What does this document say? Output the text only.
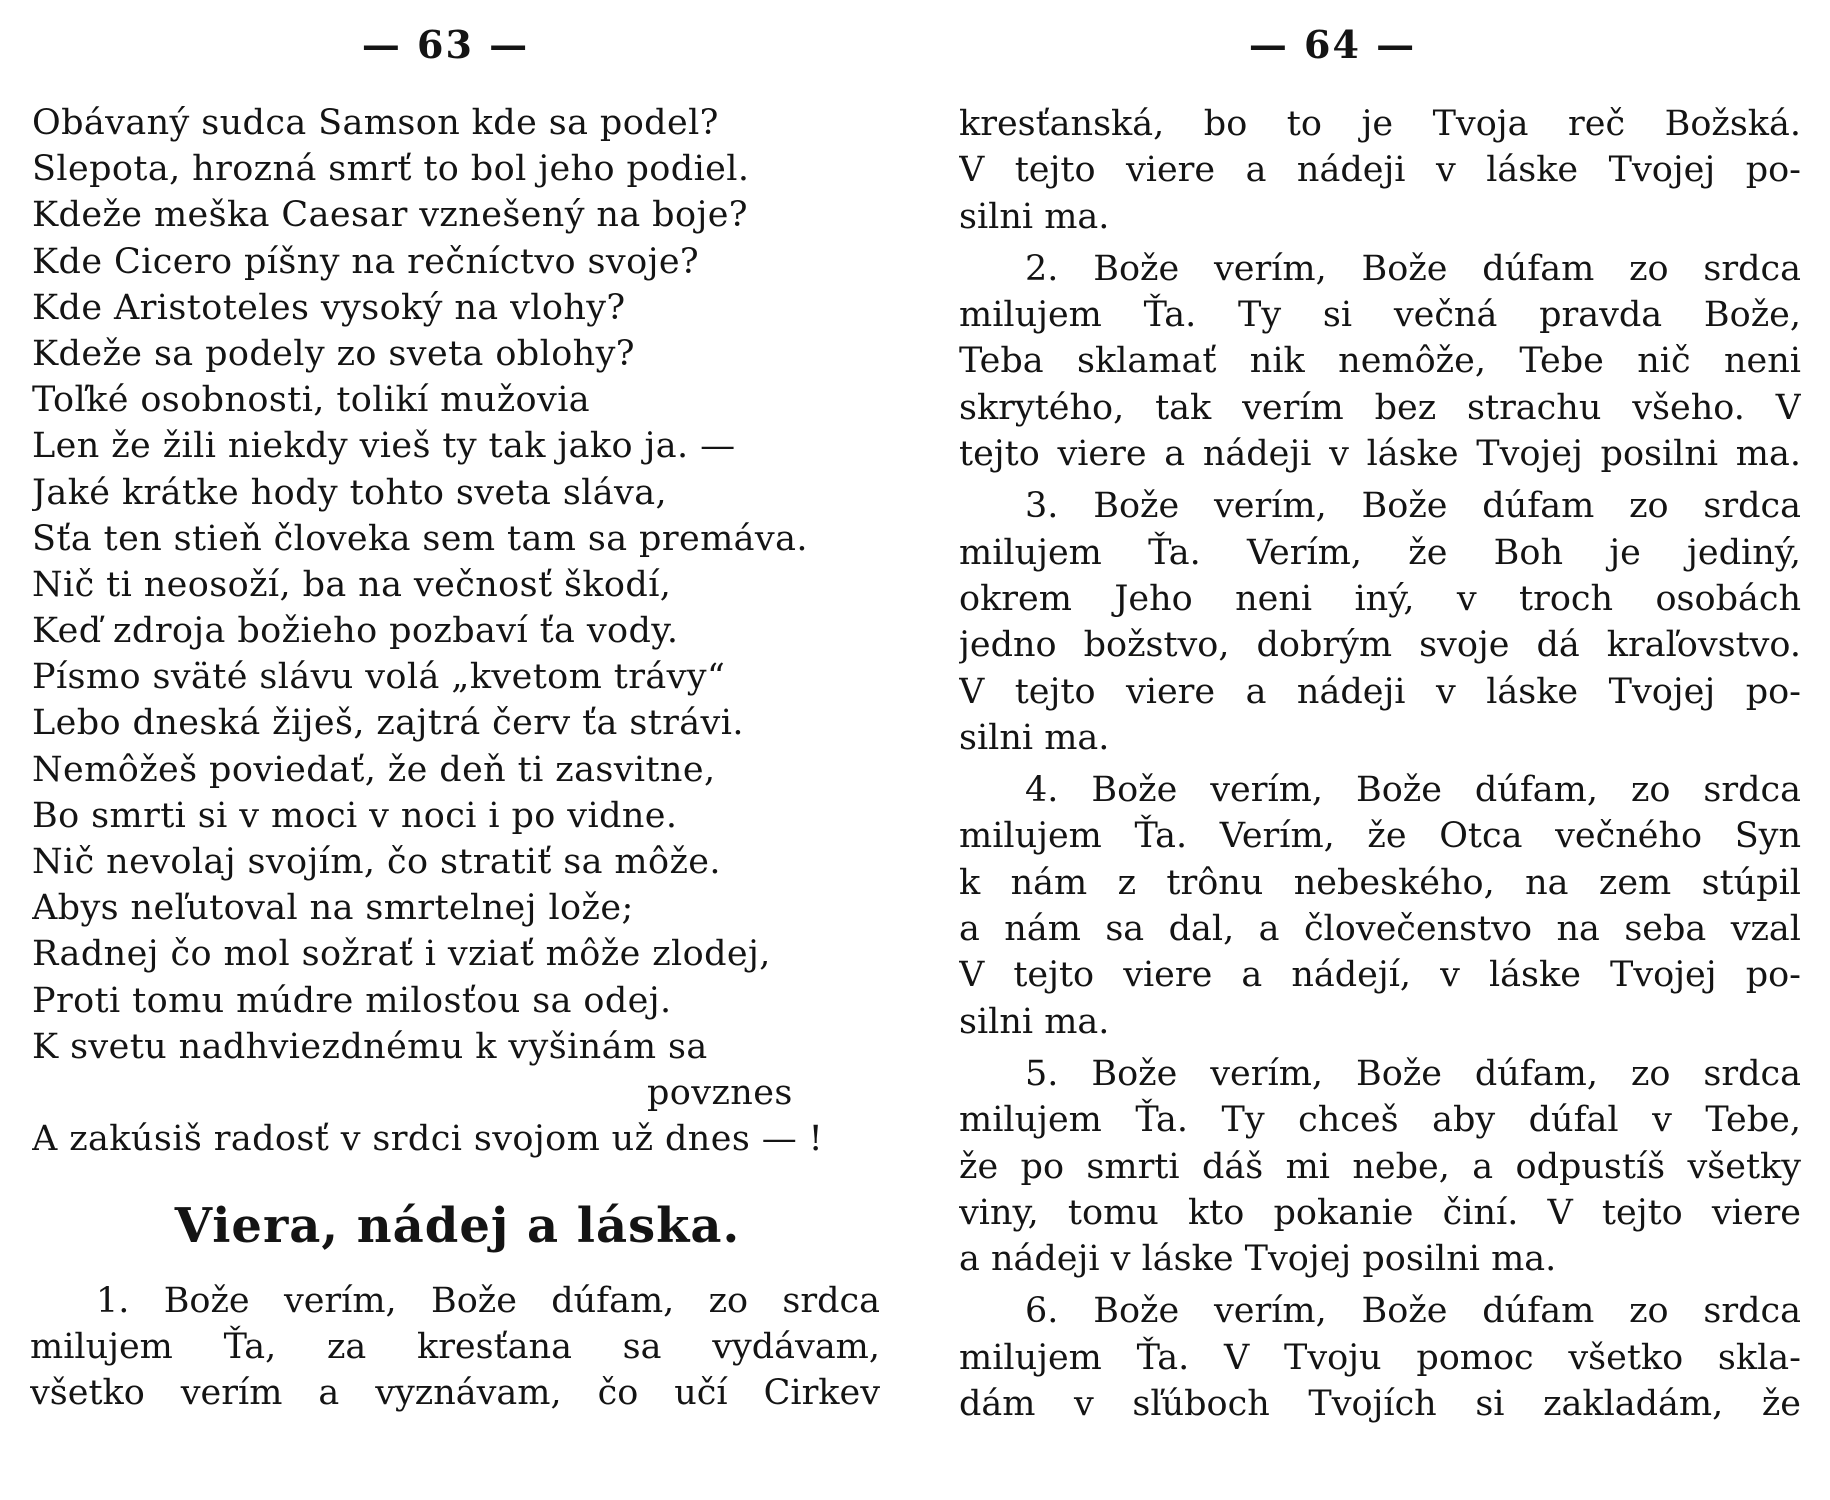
— 63 —
Obávaný sudca Samson kde sa podel?
Slepota, hrozná smrť to bol jeho podiel.
Kdeže meška Caesar vznešený na boje?
Kde Cicero píšny na rečníctvo svoje?
Kde Aristoteles vysoký na vlohy?
Kdeže sa podely zo sveta oblohy?
Toľké osobnosti, tolikí mužovia
Len že žili niekdy vieš ty tak jako ja. —
Jaké krátke hody tohto sveta sláva,
Sťa ten stieň človeka sem tam sa premáva.
Nič ti neosoží, ba na večnosť škodí,
Keď zdroja božieho pozbaví ťa vody.
Písmo sväté slávu volá „kvetom trávy“
Lebo dneská žiješ, zajtrá červ ťa strávi.
Nemôžeš poviedať, že deň ti zasvitne,
Bo smrti si v moci v noci i po vidne.
Nič nevolaj svojím, čo stratiť sa môže.
Abys neľutoval na smrtelnej lože;
Radnej čo mol sožrať i vziať môže zlodej,
Proti tomu múdre milosťou sa odej.
K svetu nadhviezdnému k vyšinám sa
povznes
A zakúsiš radosť v srdci svojom už dnes — !
Viera, nádej a láska.
1. Bože verím, Bože dúfam, zo srdca
milujem Ťa, za kresťana sa vydávam,
všetko verím a vyznávam, čo učí Cirkev
— 64 —
kresťanská, bo to je Tvoja reč Božská.
V tejto viere a nádeji v láske Tvojej po-
silni ma.
2. Bože verím, Bože dúfam zo srdca
milujem Ťa. Ty si večná pravda Bože,
Teba sklamať nik nemôže, Tebe nič neni
skrytého, tak verím bez strachu všeho. V
tejto viere a nádeji v láske Tvojej posilni ma.
3. Bože verím, Bože dúfam zo srdca
milujem Ťa. Verím, že Boh je jediný,
okrem Jeho neni iný, v troch osobách
jedno božstvo, dobrým svoje dá kraľovstvo.
V tejto viere a nádeji v láske Tvojej po-
silni ma.
4. Bože verím, Bože dúfam, zo srdca
milujem Ťa. Verím, že Otca večného Syn
k nám z trônu nebeského, na zem stúpil
a nám sa dal, a človečenstvo na seba vzal
V tejto viere a nádejí, v láske Tvojej po-
silni ma.
5. Bože verím, Bože dúfam, zo srdca
milujem Ťa. Ty chceš aby dúfal v Tebe,
že po smrti dáš mi nebe, a odpustíš všetky
viny, tomu kto pokanie činí. V tejto viere
a nádeji v láske Tvojej posilni ma.
6. Bože verím, Bože dúfam zo srdca
milujem Ťa. V Tvoju pomoc všetko skla-
dám v sľúboch Tvojích si zakladám, že
